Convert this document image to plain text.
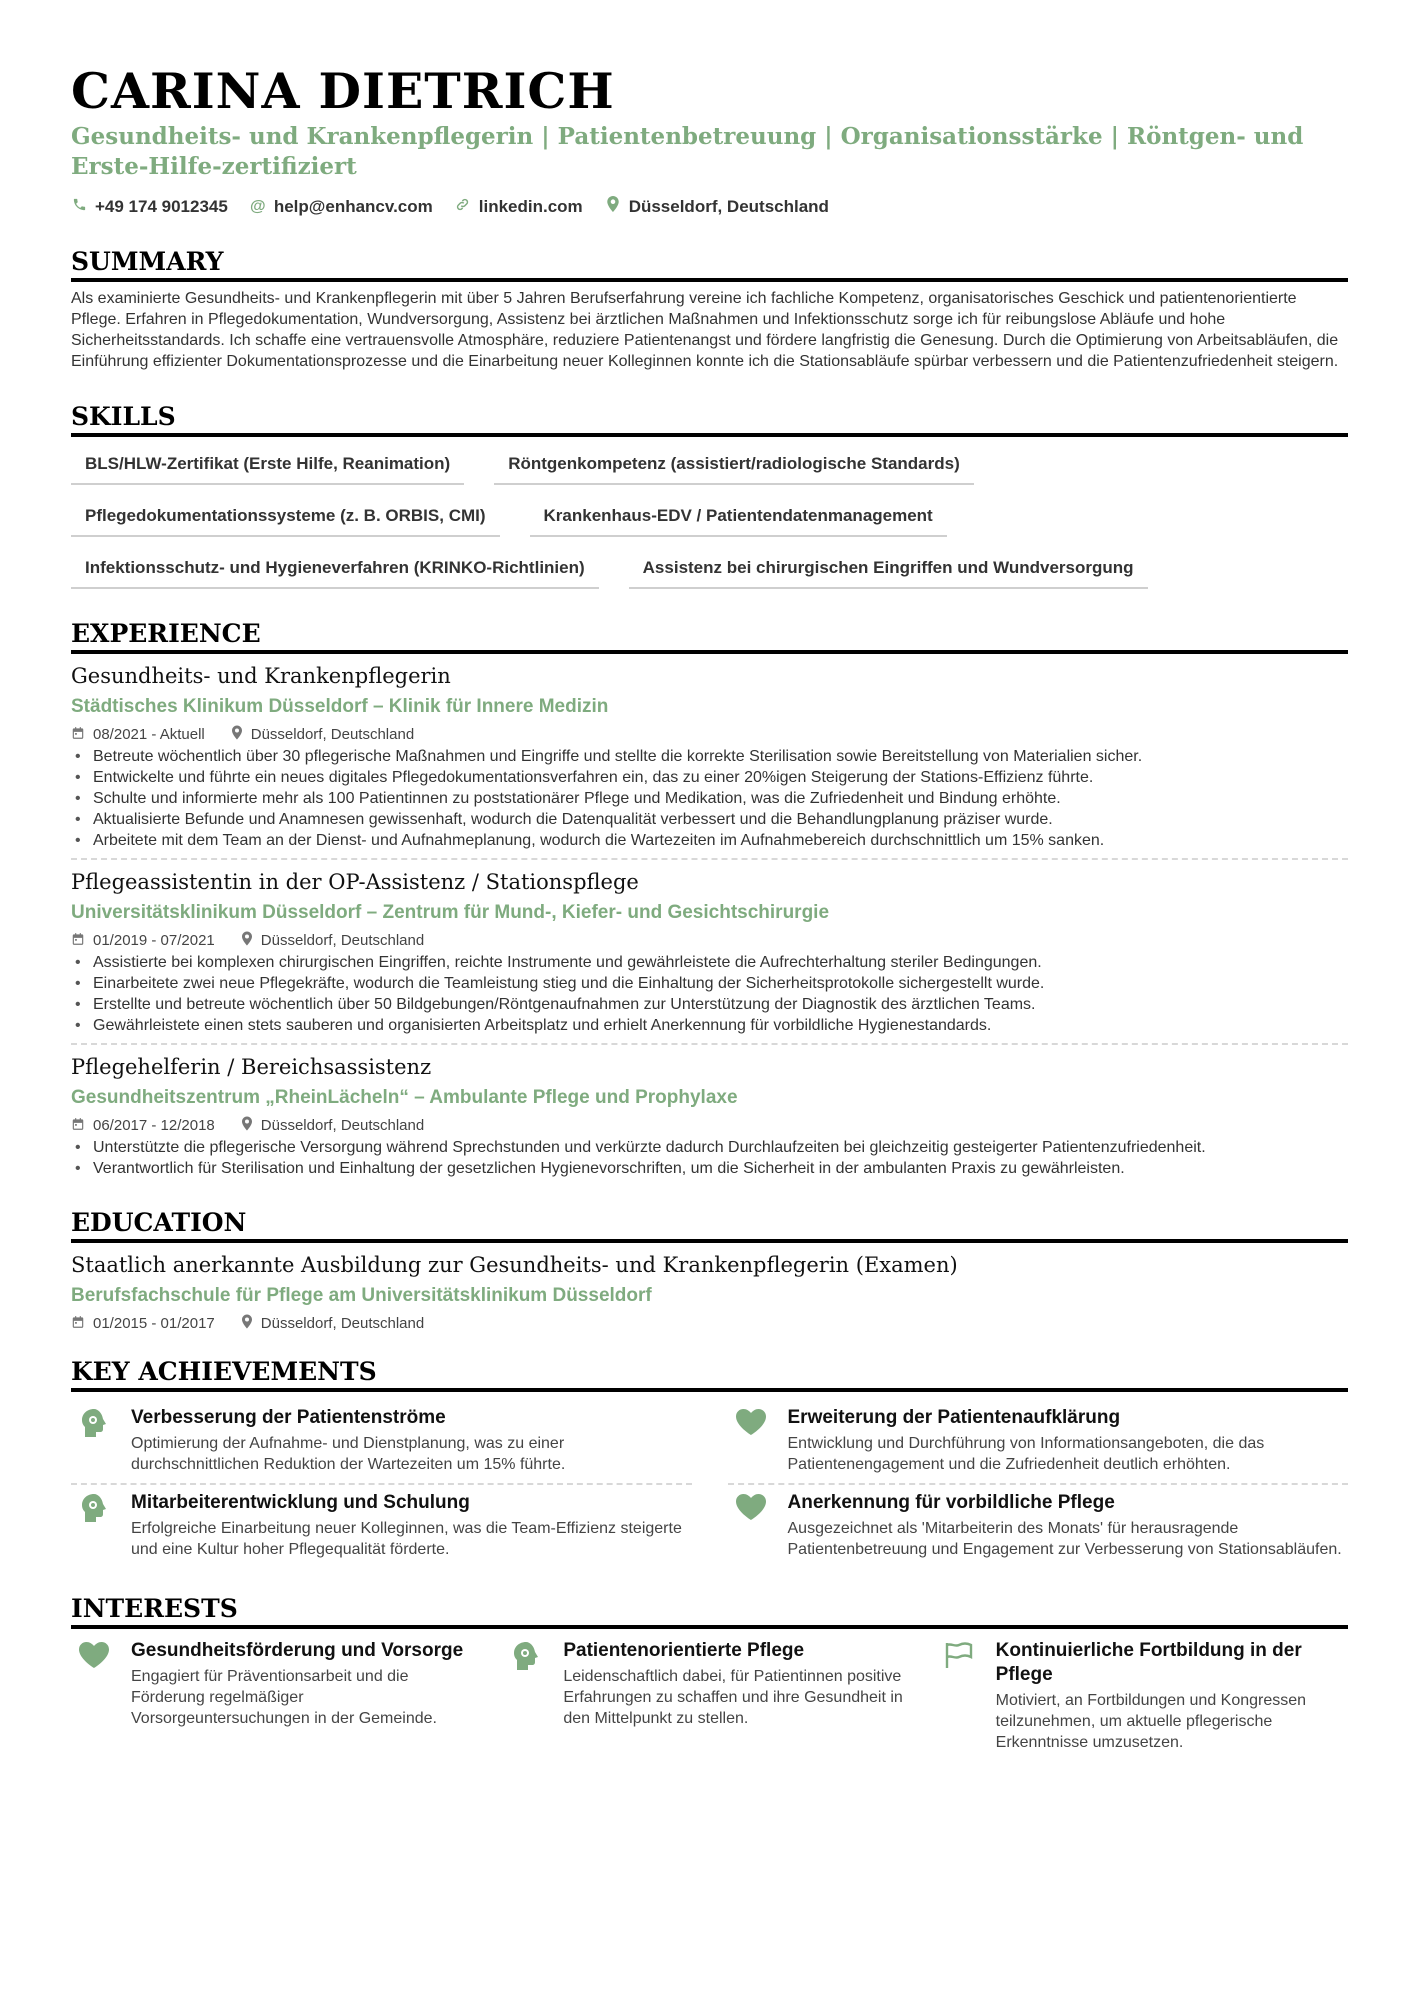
CARINA DIETRICH
Gesundheits- und Krankenpflegerin | Patientenbetreuung | Organisationsstärke | Röntgen- und Erste-Hilfe-zertifiziert
+49 174 9012345 @ help@enhancv.com	linkedin.com	Düsseldorf, Deutschland
SUMMARY
Als examinierte Gesundheits- und Krankenpflegerin mit über 5 Jahren Berufserfahrung vereine ich fachliche Kompetenz, organisatorisches Geschick und patientenorientierte Pflege. Erfahren in Pflegedokumentation, Wundversorgung, Assistenz bei ärztlichen Maßnahmen und Infektionsschutz sorge ich für reibungslose Abläufe und hohe Sicherheitsstandards. Ich schaffe eine vertrauensvolle Atmosphäre, reduziere Patientenangst und fördere langfristig die Genesung. Durch die Optimierung von Arbeitsabläufen, die Einführung effizienter Dokumentationsprozesse und die Einarbeitung neuer Kolleginnen konnte ich die Stationsabläufe spürbar verbessern und die Patientenzufriedenheit steigern.
SKILLS
BLS/HLW-Zertifikat (Erste Hilfe, Reanimation)	Röntgenkompetenz (assistiert/radiologische Standards)
Pflegedokumentationssysteme (z. B. ORBIS, CMI)	Krankenhaus-EDV / Patientendatenmanagement
Infektionsschutz- und Hygieneverfahren (KRINKO-Richtlinien)	Assistenz bei chirurgischen Eingriffen und Wundversorgung
EXPERIENCE
Gesundheits- und Krankenpflegerin
Städtisches Klinikum Düsseldorf – Klinik für Innere Medizin
08/2021 - Aktuell	Düsseldorf, Deutschland
• Betreute wöchentlich über 30 pflegerische Maßnahmen und Eingriffe und stellte die korrekte Sterilisation sowie Bereitstellung von Materialien sicher.
• Entwickelte und führte ein neues digitales Pflegedokumentationsverfahren ein, das zu einer 20%igen Steigerung der Stations-Effizienz führte.
• Schulte und informierte mehr als 100 Patientinnen zu poststationärer Pflege und Medikation, was die Zufriedenheit und Bindung erhöhte.
• Aktualisierte Befunde und Anamnesen gewissenhaft, wodurch die Datenqualität verbessert und die Behandlungplanung präziser wurde.
• Arbeitete mit dem Team an der Dienst- und Aufnahmeplanung, wodurch die Wartezeiten im Aufnahmebereich durchschnittlich um 15% sanken.
Pflegeassistentin in der OP-Assistenz / Stationspflege
Universitätsklinikum Düsseldorf – Zentrum für Mund-, Kiefer- und Gesichtschirurgie
01/2019 - 07/2021	Düsseldorf, Deutschland
• Assistierte bei komplexen chirurgischen Eingriffen, reichte Instrumente und gewährleistete die Aufrechterhaltung steriler Bedingungen.
• Einarbeitete zwei neue Pflegekräfte, wodurch die Teamleistung stieg und die Einhaltung der Sicherheitsprotokolle sichergestellt wurde.
• Erstellte und betreute wöchentlich über 50 Bildgebungen/Röntgenaufnahmen zur Unterstützung der Diagnostik des ärztlichen Teams.
• Gewährleistete einen stets sauberen und organisierten Arbeitsplatz und erhielt Anerkennung für vorbildliche Hygienestandards.
Pflegehelferin / Bereichsassistenz
Gesundheitszentrum „RheinLächeln“ – Ambulante Pflege und Prophylaxe
06/2017 - 12/2018	Düsseldorf, Deutschland
• Unterstützte die pflegerische Versorgung während Sprechstunden und verkürzte dadurch Durchlaufzeiten bei gleichzeitig gesteigerter Patientenzufriedenheit.
• Verantwortlich für Sterilisation und Einhaltung der gesetzlichen Hygienevorschriften, um die Sicherheit in der ambulanten Praxis zu gewährleisten.
EDUCATION
Staatlich anerkannte Ausbildung zur Gesundheits- und Krankenpflegerin (Examen)
Berufsfachschule für Pflege am Universitätsklinikum Düsseldorf
01/2015 - 01/2017	Düsseldorf, Deutschland
KEY ACHIEVEMENTS
Verbesserung der Patientenströme
Optimierung der Aufnahme- und Dienstplanung, was zu einer durchschnittlichen Reduktion der Wartezeiten um 15% führte.
Erweiterung der Patientenaufklärung
Entwicklung und Durchführung von Informationsangeboten, die das Patientenengagement und die Zufriedenheit deutlich erhöhten.
Mitarbeiterentwicklung und Schulung
Erfolgreiche Einarbeitung neuer Kolleginnen, was die Team-Effizienz steigerte und eine Kultur hoher Pflegequalität förderte.
Anerkennung für vorbildliche Pflege
Ausgezeichnet als 'Mitarbeiterin des Monats' für herausragende Patientenbetreuung und Engagement zur Verbesserung von Stationsabläufen.
INTERESTS
Gesundheitsförderung und Vorsorge
Engagiert für Präventionsarbeit und die Förderung regelmäßiger Vorsorgeuntersuchungen in der Gemeinde.
Patientenorientierte Pflege
Leidenschaftlich dabei, für Patientinnen positive Erfahrungen zu schaffen und ihre Gesundheit in den Mittelpunkt zu stellen.
Kontinuierliche Fortbildung in der Pflege
Motiviert, an Fortbildungen und Kongressen teilzunehmen, um aktuelle pflegerische Erkenntnisse umzusetzen.
